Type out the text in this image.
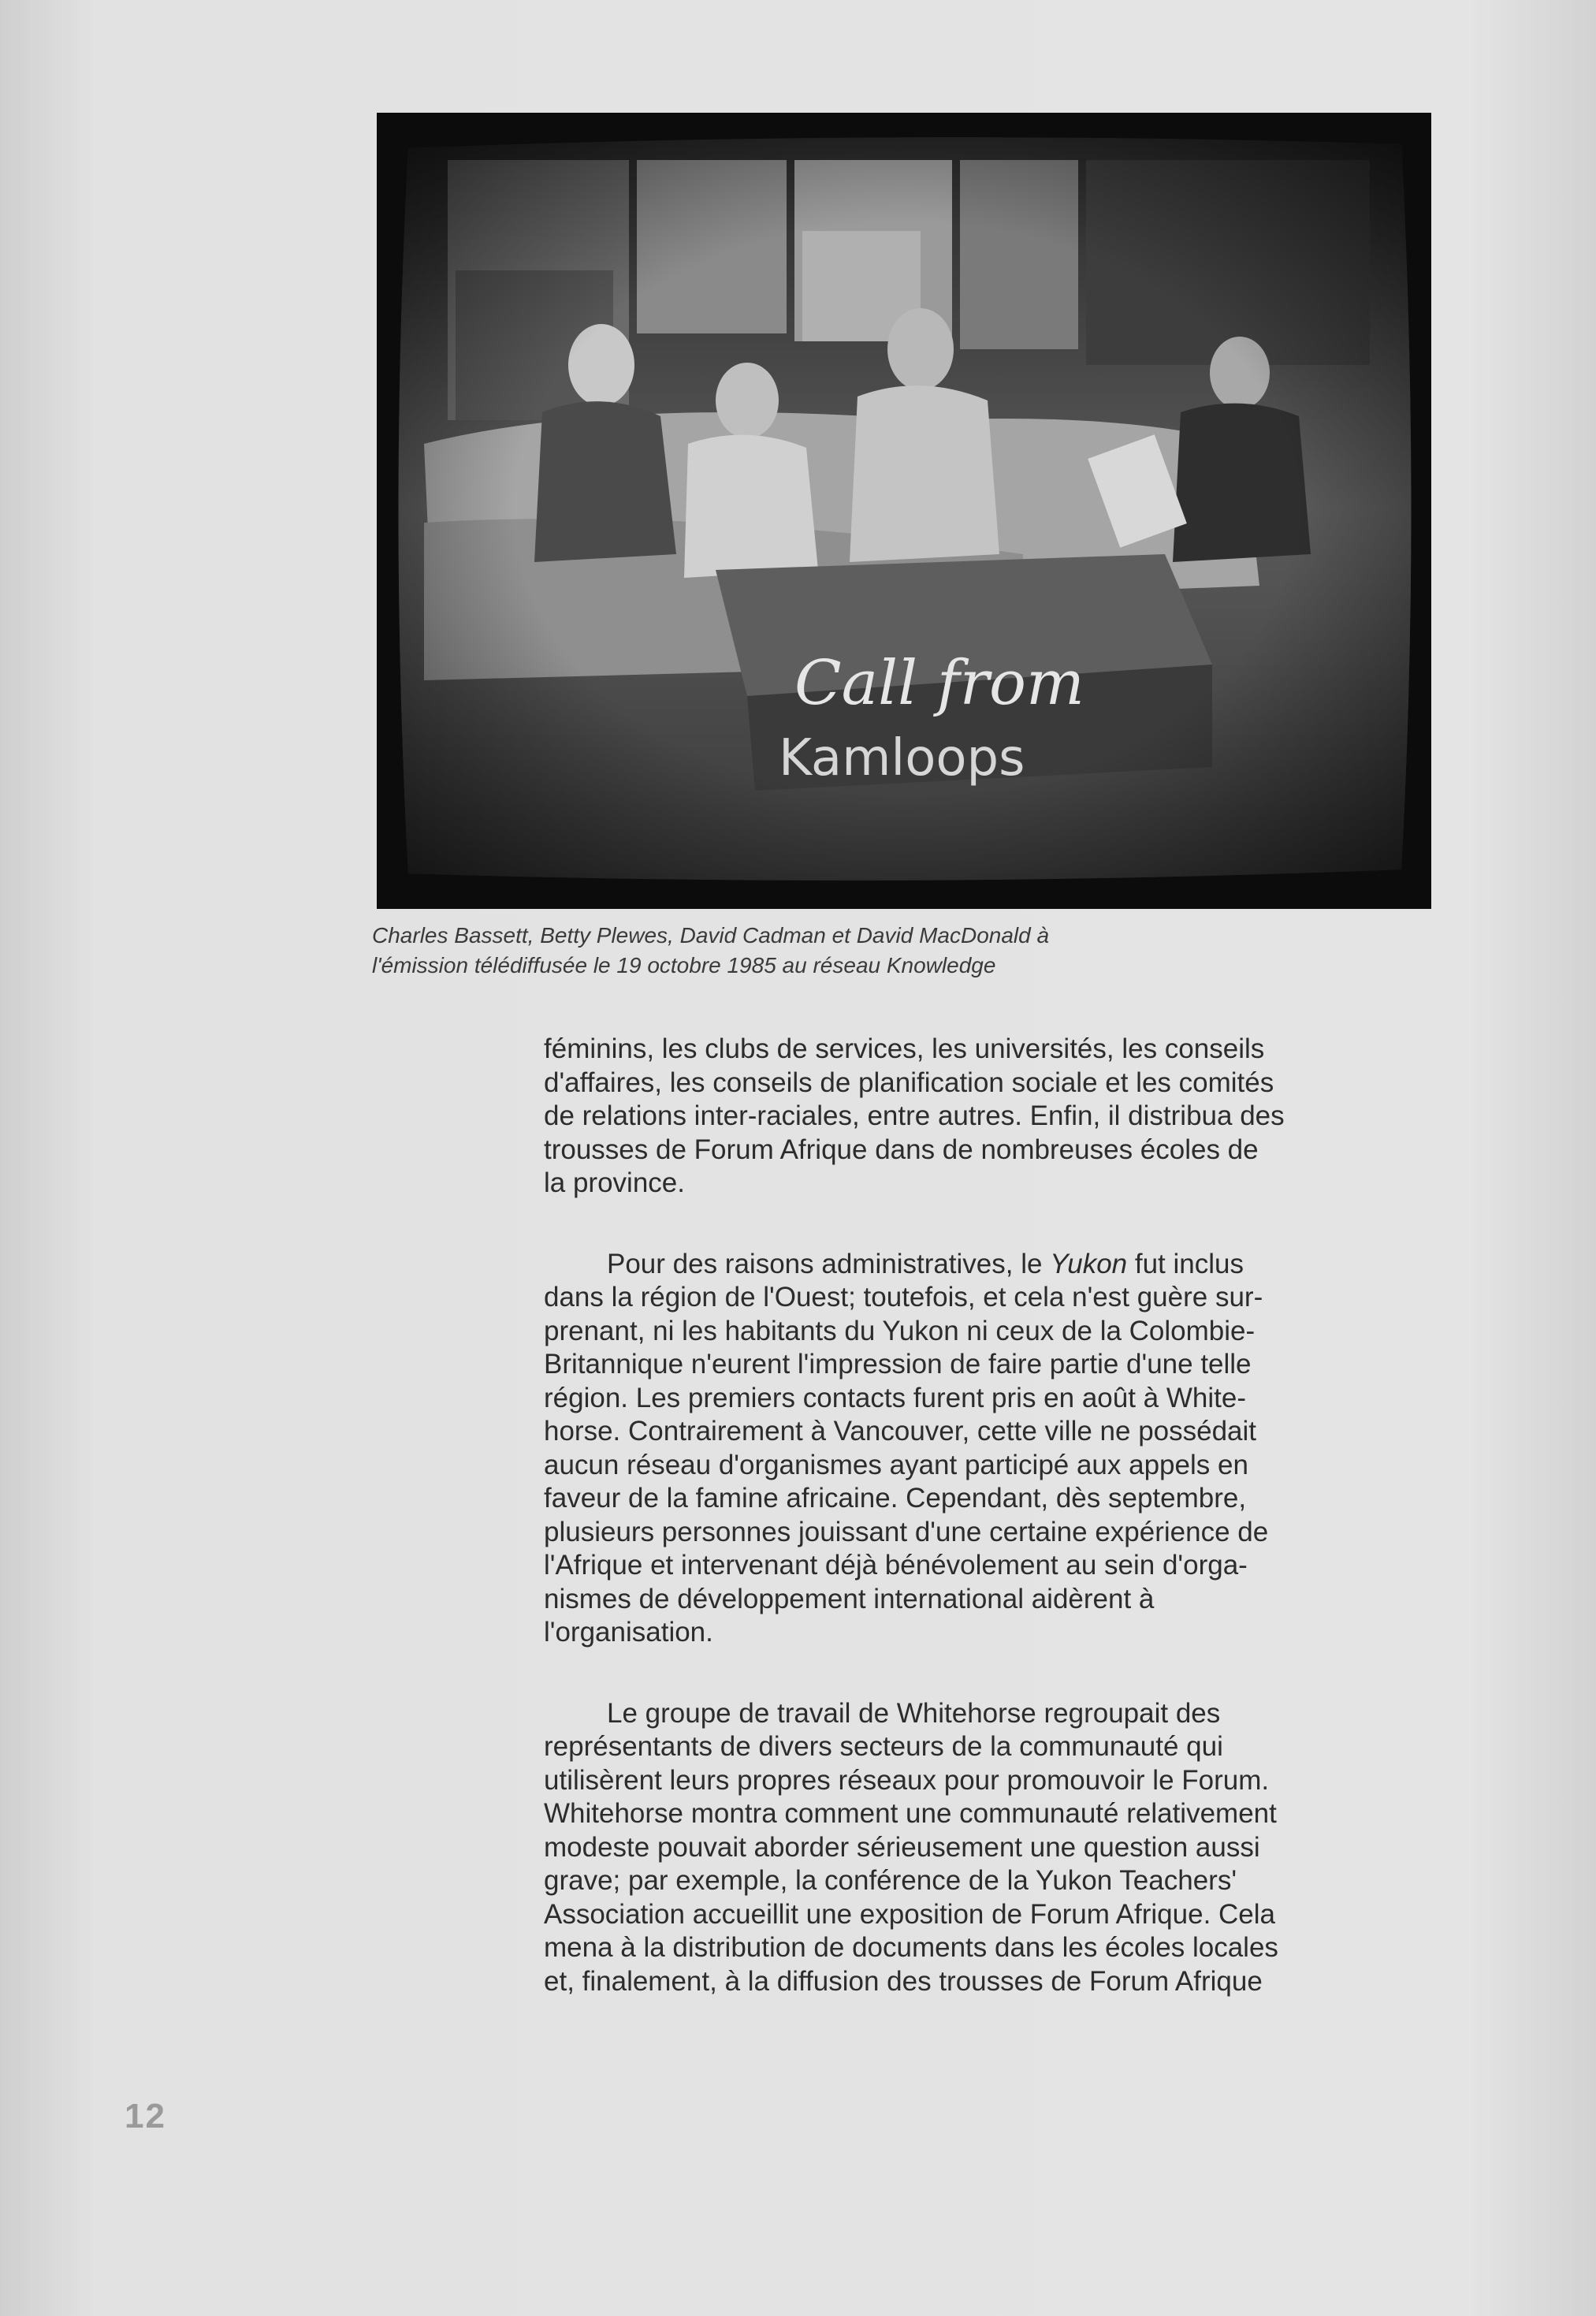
Charles Bassett, Betty Plewes, David Cadman et David MacDonald à
l'émission télédiffusée le 19 octobre 1985 au réseau Knowledge
féminins, les clubs de services, les universités, les conseils
d'affaires, les conseils de planification sociale et les comités
de relations inter-raciales, entre autres. Enfin, il distribua des
trousses de Forum Afrique dans de nombreuses écoles de
la province.
Pour des raisons administratives, le Yukon fut inclus
dans la région de l'Ouest; toutefois, et cela n'est guère sur-
prenant, ni les habitants du Yukon ni ceux de la Colombie-
Britannique n'eurent l'impression de faire partie d'une telle
région. Les premiers contacts furent pris en août à White-
horse. Contrairement à Vancouver, cette ville ne possédait
aucun réseau d'organismes ayant participé aux appels en
faveur de la famine africaine. Cependant, dès septembre,
plusieurs personnes jouissant d'une certaine expérience de
l'Afrique et intervenant déjà bénévolement au sein d'orga-
nismes de développement international aidèrent à
l'organisation.
Le groupe de travail de Whitehorse regroupait des
représentants de divers secteurs de la communauté qui
utilisèrent leurs propres réseaux pour promouvoir le Forum.
Whitehorse montra comment une communauté relativement
modeste pouvait aborder sérieusement une question aussi
grave; par exemple, la conférence de la Yukon Teachers'
Association accueillit une exposition de Forum Afrique. Cela
mena à la distribution de documents dans les écoles locales
et, finalement, à la diffusion des trousses de Forum Afrique
12
